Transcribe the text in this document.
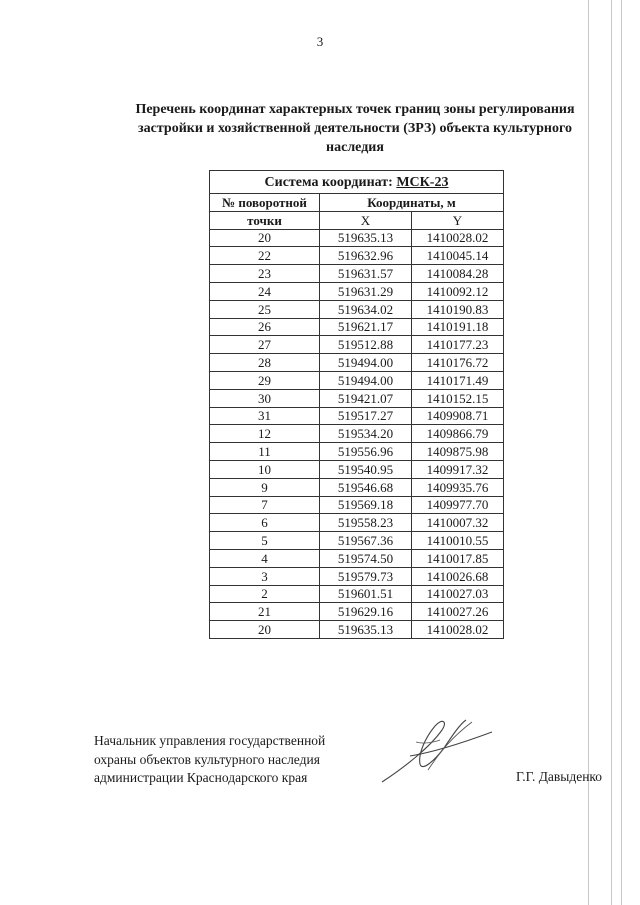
3
Перечень координат характерных точек границ зоны регулирования
застройки и хозяйственной деятельности (ЗРЗ) объекта культурного
наследия
Система координат: МСК-23		
№ поворотной	Координаты, м	
точки	X	Y
20	519635.13	1410028.02
22	519632.96	1410045.14
23	519631.57	1410084.28
24	519631.29	1410092.12
25	519634.02	1410190.83
26	519621.17	1410191.18
27	519512.88	1410177.23
28	519494.00	1410176.72
29	519494.00	1410171.49
30	519421.07	1410152.15
31	519517.27	1409908.71
12	519534.20	1409866.79
11	519556.96	1409875.98
10	519540.95	1409917.32
9	519546.68	1409935.76
7	519569.18	1409977.70
6	519558.23	1410007.32
5	519567.36	1410010.55
4	519574.50	1410017.85
3	519579.73	1410026.68
2	519601.51	1410027.03
21	519629.16	1410027.26
20	519635.13	1410028.02
Начальник управления государственной
охраны объектов культурного наследия
администрации Краснодарского края	Г.Г. Давыденко
